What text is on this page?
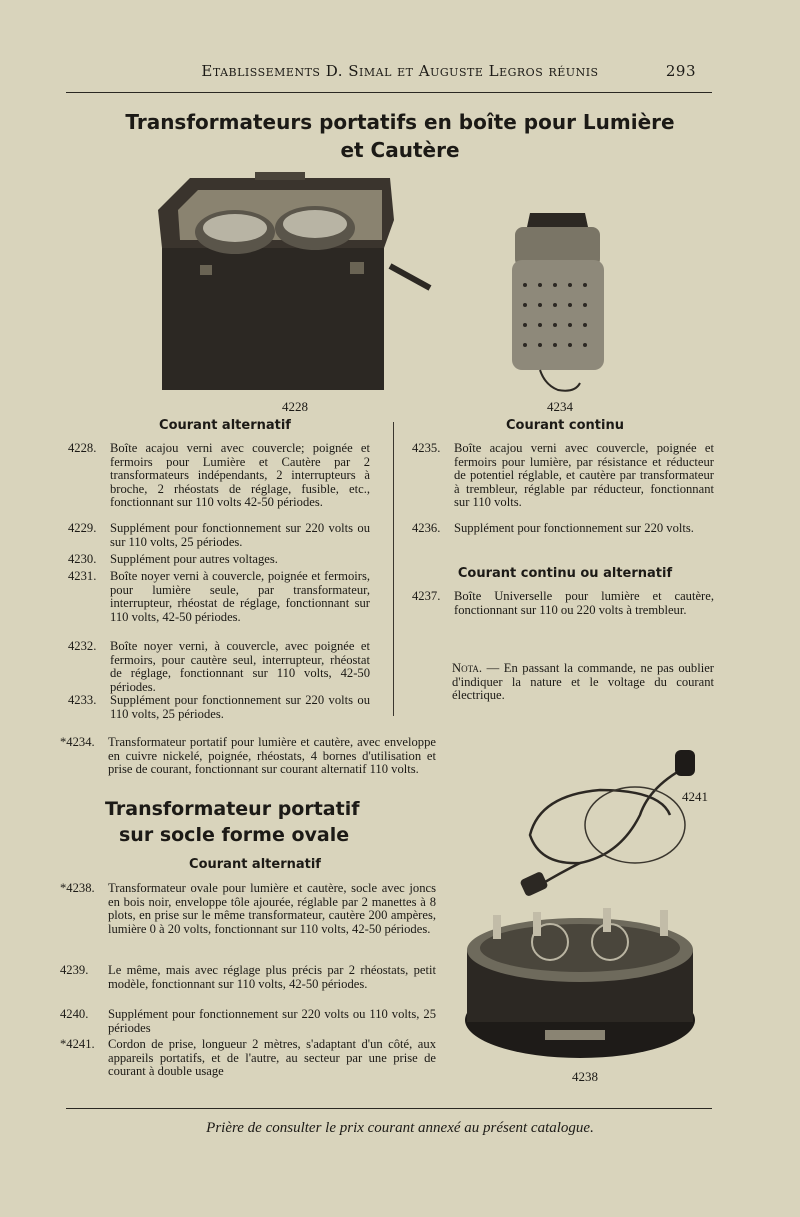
Etablissements D. Simal et Auguste Legros réunis	293
Transformateurs portatifs en boîte pour Lumière
et Cautère
4228	4234
Courant alternatif
4228. Boîte acajou verni avec couvercle; poignée et fermoirs pour Lumière et Cautère par 2 transformateurs indépendants, 2 interrupteurs à broche, 2 rhéostats de réglage, fusible, etc., fonctionnant sur 110 volts 42-50 périodes.
4229. Supplément pour fonctionnement sur 220 volts ou sur 110 volts, 25 périodes.
4230. Supplément pour autres voltages.
4231. Boîte noyer verni à couvercle, poignée et fermoirs, pour lumière seule, par transformateur, interrupteur, rhéostat de réglage, fonctionnant sur 110 volts, 42-50 périodes.
4232. Boîte noyer verni, à couvercle, avec poignée et fermoirs, pour cautère seul, interrupteur, rhéostat de réglage, fonctionnant sur 110 volts, 42-50 périodes.
4233. Supplément pour fonctionnement sur 220 volts ou 110 volts, 25 périodes.
Courant continu
4235. Boîte acajou verni avec couvercle, poignée et fermoirs pour lumière, par résistance et réducteur de potentiel réglable, et cautère par transformateur à trembleur, réglable par réducteur, fonctionnant sur 110 volts.
4236. Supplément pour fonctionnement sur 220 volts.
Courant continu ou alternatif
4237. Boîte Universelle pour lumière et cautère, fonctionnant sur 110 ou 220 volts à trembleur.
Nota. — En passant la commande, ne pas oublier d'indiquer la nature et le voltage du courant électrique.
*4234. Transformateur portatif pour lumière et cautère, avec enveloppe en cuivre nickelé, poignée, rhéostats, 4 bornes d'utilisation et prise de courant, fonctionnant sur courant alternatif 110 volts.
Transformateur portatif
sur socle forme ovale
Courant alternatif
*4238. Transformateur ovale pour lumière et cautère, socle avec joncs en bois noir, enveloppe tôle ajourée, réglable par 2 manettes à 8 plots, en prise sur le même transformateur, cautère 200 ampères, lumière 0 à 20 volts, fonctionnant sur 110 volts, 42-50 périodes.
4239. Le même, mais avec réglage plus précis par 2 rhéostats, petit modèle, fonctionnant sur 110 volts, 42-50 périodes.
4240. Supplément pour fonctionnement sur 220 volts ou 110 volts, 25 périodes
*4241. Cordon de prise, longueur 2 mètres, s'adaptant d'un côté, aux appareils portatifs, et de l'autre, au secteur par une prise de courant à double usage
4241
4238
Prière de consulter le prix courant annexé au présent catalogue.
